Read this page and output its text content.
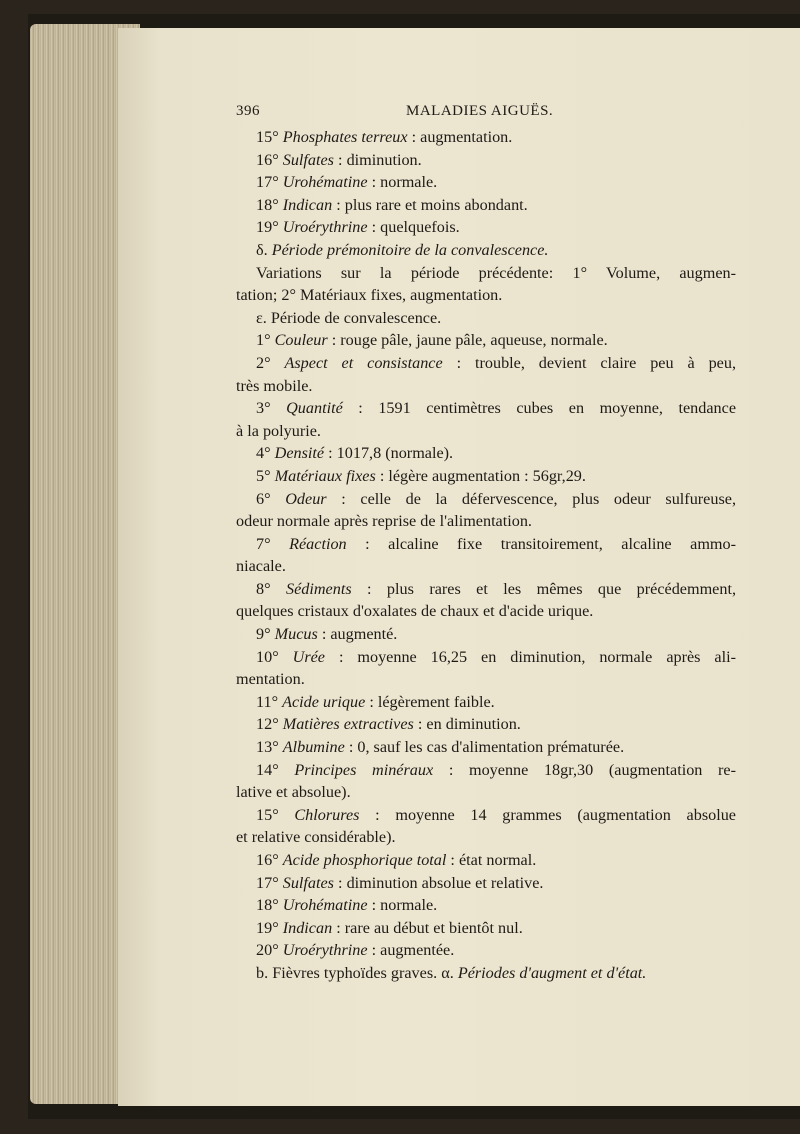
396	MALADIES AIGUËS.
15° Phosphates terreux : augmentation.
16° Sulfates : diminution.
17° Urohématine : normale.
18° Indican : plus rare et moins abondant.
19° Uroérythrine : quelquefois.
δ. Période prémonitoire de la convalescence.
Variations sur la période précédente: 1° Volume, augmen-
tation; 2° Matériaux fixes, augmentation.
ε. Période de convalescence.
1° Couleur : rouge pâle, jaune pâle, aqueuse, normale.
2° Aspect et consistance : trouble, devient claire peu à peu,
très mobile.
3° Quantité : 1591 centimètres cubes en moyenne, tendance
à la polyurie.
4° Densité : 1017,8 (normale).
5° Matériaux fixes : légère augmentation : 56gr,29.
6° Odeur : celle de la défervescence, plus odeur sulfureuse,
odeur normale après reprise de l'alimentation.
7° Réaction : alcaline fixe transitoirement, alcaline ammo-
niacale.
8° Sédiments : plus rares et les mêmes que précédemment,
quelques cristaux d'oxalates de chaux et d'acide urique.
9° Mucus : augmenté.
10° Urée : moyenne 16,25 en diminution, normale après ali-
mentation.
11° Acide urique : légèrement faible.
12° Matières extractives : en diminution.
13° Albumine : 0, sauf les cas d'alimentation prématurée.
14° Principes minéraux : moyenne 18gr,30 (augmentation re-
lative et absolue).
15° Chlorures : moyenne 14 grammes (augmentation absolue
et relative considérable).
16° Acide phosphorique total : état normal.
17° Sulfates : diminution absolue et relative.
18° Urohématine : normale.
19° Indican : rare au début et bientôt nul.
20° Uroérythrine : augmentée.
b. Fièvres typhoïdes graves. α. Périodes d'augment et d'état.
